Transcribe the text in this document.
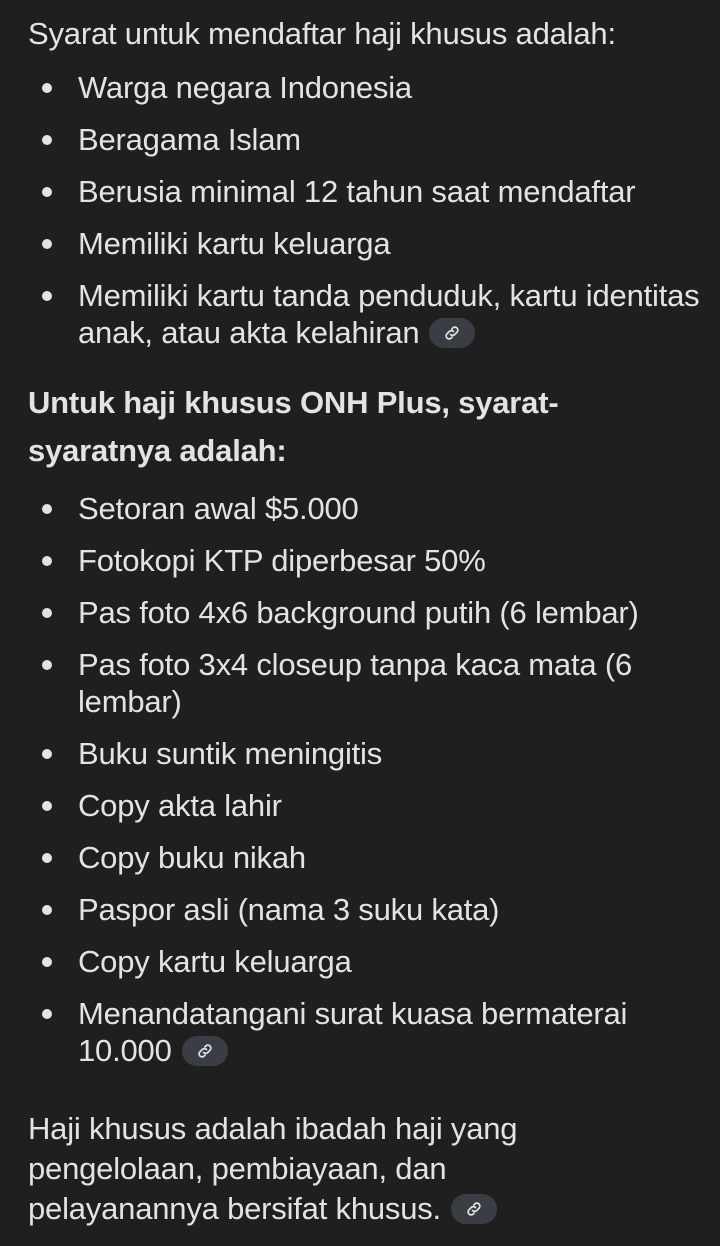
Syarat untuk mendaftar haji khusus adalah:

Warga negara Indonesia
Beragama Islam
Berusia minimal 12 tahun saat mendaftar
Memiliki kartu keluarga
Memiliki kartu tanda penduduk, kartu identitas anak, atau akta kelahiran
Untuk haji khusus ONH Plus, syarat-syaratnya adalah:
Setoran awal $5.000
Fotokopi KTP diperbesar 50%
Pas foto 4x6 background putih (6 lembar)
Pas foto 3x4 closeup tanpa kaca mata (6 lembar)
Buku suntik meningitis
Copy akta lahir
Copy buku nikah
Paspor asli (nama 3 suku kata)
Copy kartu keluarga
Menandatangani surat kuasa bermaterai 10.000

Haji khusus adalah ibadah haji yang pengelolaan, pembiayaan, dan pelayanannya bersifat khusus.
